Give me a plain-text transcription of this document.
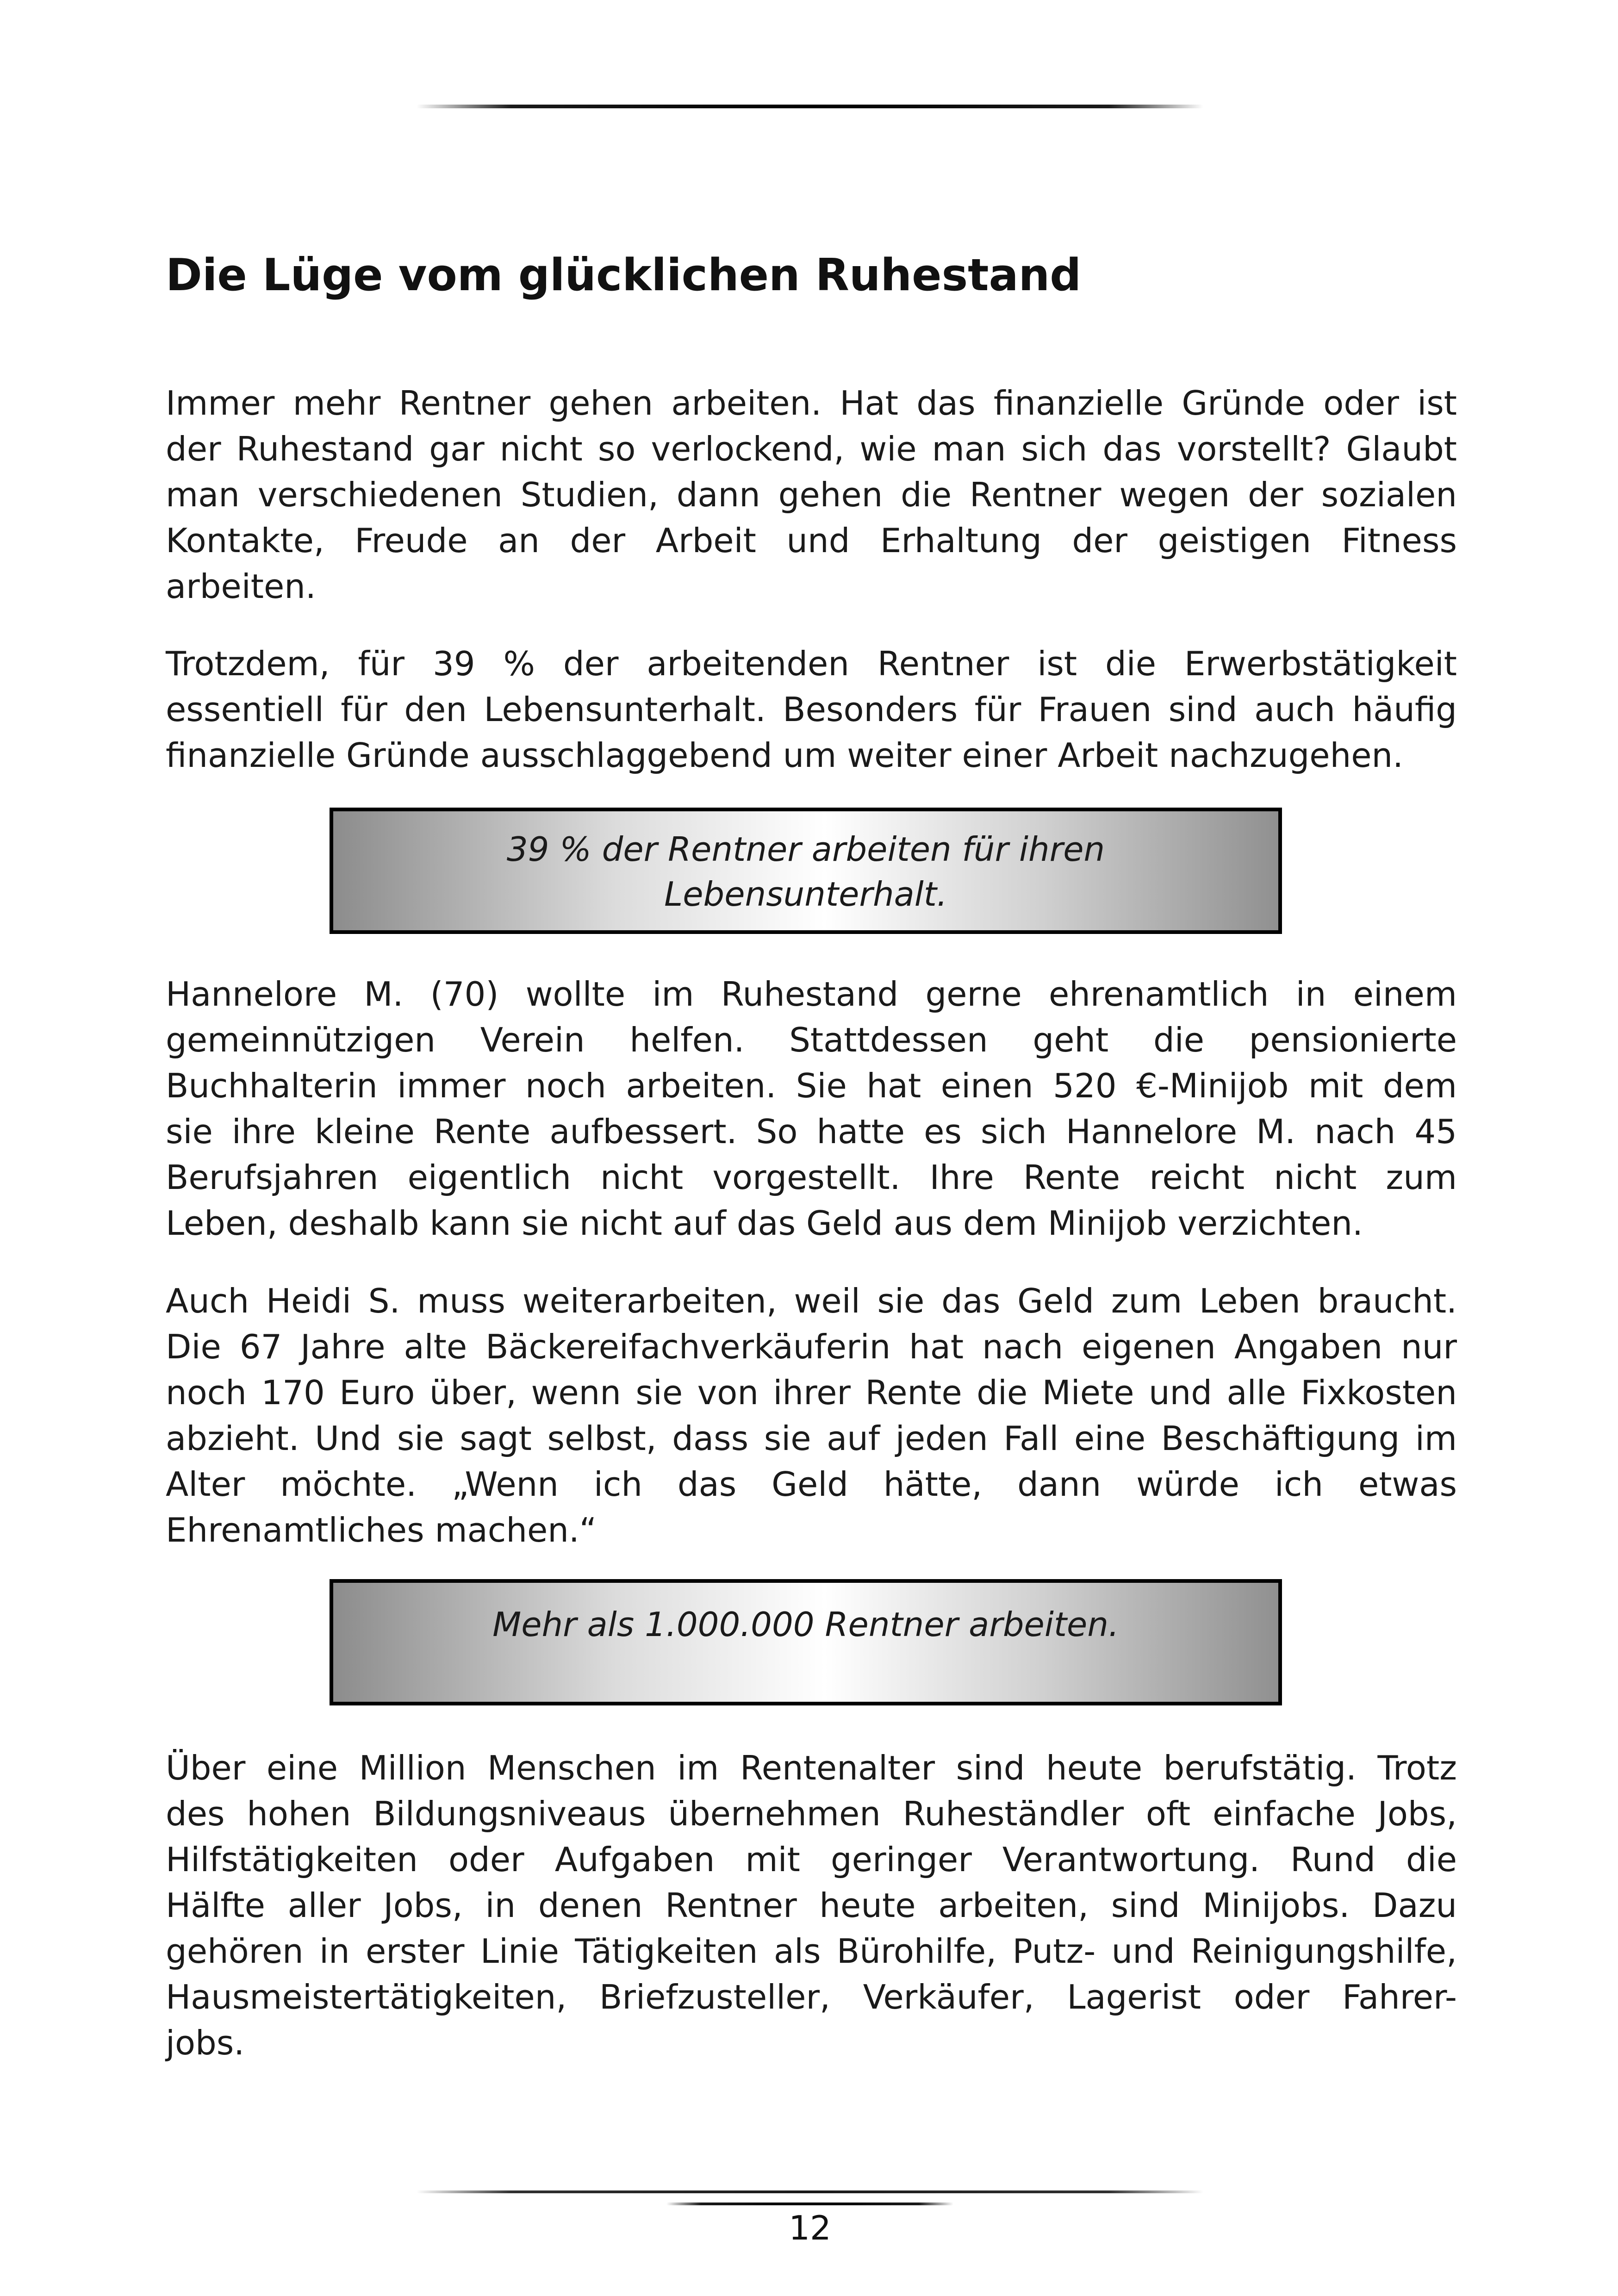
Die Lüge vom glücklichen Ruhestand

Immer mehr Rentner gehen arbeiten. Hat das finanzielle Gründe oder ist
der Ruhestand gar nicht so verlockend, wie man sich das vorstellt? Glaubt
man verschiedenen Studien, dann gehen die Rentner wegen der sozialen
Kontakte, Freude an der Arbeit und Erhaltung der geistigen Fitness
arbeiten.

Trotzdem, für 39 % der arbeitenden Rentner ist die Erwerbstätigkeit
essentiell für den Lebensunterhalt. Besonders für Frauen sind auch häufig
finanzielle Gründe ausschlaggebend um weiter einer Arbeit nachzugehen.

39 % der Rentner arbeiten für ihren
Lebensunterhalt.

Hannelore M. (70) wollte im Ruhestand gerne ehrenamtlich in einem
gemeinnützigen Verein helfen. Stattdessen geht die pensionierte
Buchhalterin immer noch arbeiten. Sie hat einen 520 €-Minijob mit dem
sie ihre kleine Rente aufbessert. So hatte es sich Hannelore M. nach 45
Berufsjahren eigentlich nicht vorgestellt. Ihre Rente reicht nicht zum
Leben, deshalb kann sie nicht auf das Geld aus dem Minijob verzichten.

Auch Heidi S. muss weiterarbeiten, weil sie das Geld zum Leben braucht.
Die 67 Jahre alte Bäckereifachverkäuferin hat nach eigenen Angaben nur
noch 170 Euro über, wenn sie von ihrer Rente die Miete und alle Fixkosten
abzieht. Und sie sagt selbst, dass sie auf jeden Fall eine Beschäftigung im
Alter möchte. „Wenn ich das Geld hätte, dann würde ich etwas
Ehrenamtliches machen.“

Mehr als 1.000.000 Rentner arbeiten.

Über eine Million Menschen im Rentenalter sind heute berufstätig. Trotz
des hohen Bildungsniveaus übernehmen Ruheständler oft einfache Jobs,
Hilfstätigkeiten oder Aufgaben mit geringer Verantwortung. Rund die
Hälfte aller Jobs, in denen Rentner heute arbeiten, sind Minijobs. Dazu
gehören in erster Linie Tätigkeiten als Bürohilfe, Putz- und Reinigungshilfe,
Hausmeistertätigkeiten, Briefzusteller, Verkäufer, Lagerist oder Fahrer-
jobs.

12
